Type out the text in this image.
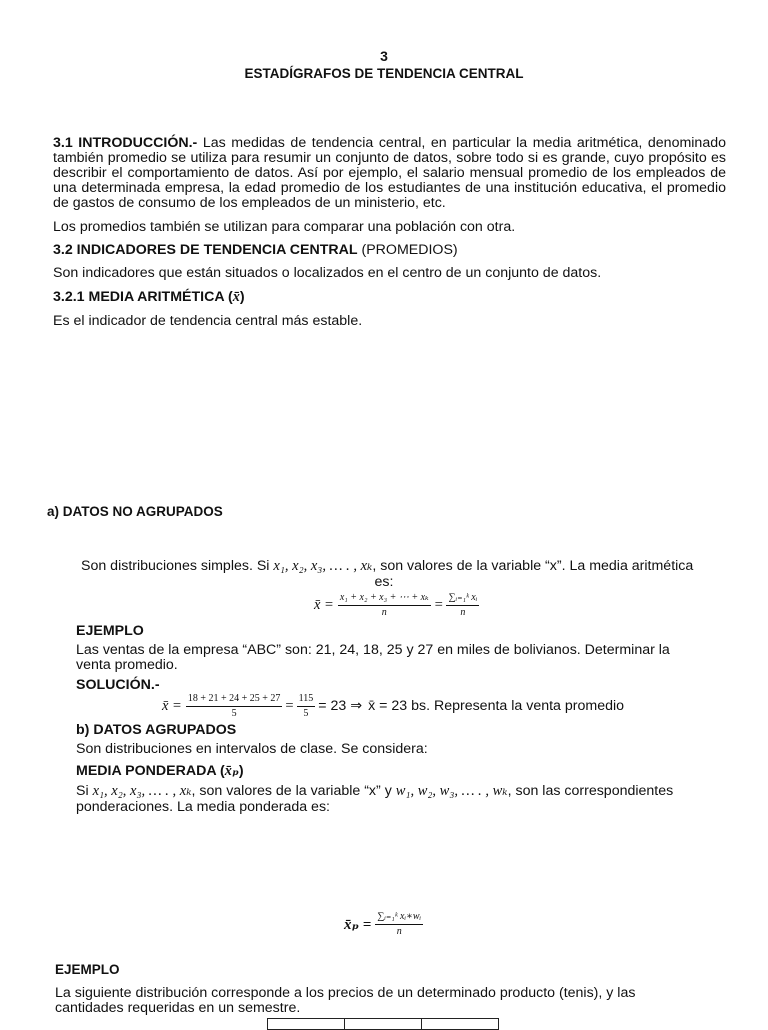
3
ESTADÍGRAFOS DE TENDENCIA CENTRAL
3.1 INTRODUCCIÓN.- Las medidas de tendencia central, en particular la media aritmética, denominado también promedio se utiliza para resumir un conjunto de datos, sobre todo si es grande, cuyo propósito es describir el comportamiento de datos. Así por ejemplo, el salario mensual promedio de los empleados de una determinada empresa, la edad promedio de los estudiantes de una institución educativa, el promedio de gastos de consumo de los empleados de un ministerio, etc.
Los promedios también se utilizan para comparar una población con otra.
3.2 INDICADORES DE TENDENCIA CENTRAL (PROMEDIOS)
Son indicadores que están situados o localizados en el centro de un conjunto de datos.
3.2.1 MEDIA ARITMÉTICA (x̄)
Es el indicador de tendencia central más estable.
a) DATOS NO AGRUPADOS
Son distribuciones simples. Si x₁, x₂, x₃, … . , xₖ, son valores de la variable “x”. La media aritmética
es:
x̄ = $\frac{\text{x₁ + x₂ + x₃ + ⋯ + xₖ}}{n} = \frac{\text{∑ᵢ₌₁ᵏ xᵢ}}{n}$
EJEMPLO
Las ventas de la empresa “ABC” son: 21, 24, 18, 25 y 27 en miles de bolivianos. Determinar la venta promedio.
SOLUCIÓN.-
x̄ = $\frac{18 + 21 + 24 + 25 + 27}{5} = \frac{115}{5} = 23$ ⇒ x̄ = 23 bs. Representa la venta promedio
b) DATOS AGRUPADOS
Son distribuciones en intervalos de clase. Se considera:
MEDIA PONDERADA (x̄ₚ)
Si x₁, x₂, x₃, … . , xₖ, son valores de la variable “x” y w₁, w₂, w₃, … . , wₖ, son las correspondientes
ponderaciones. La media ponderada es:
x̄ₚ = $\frac{\text{∑ᵢ₌₁ᵏ xᵢ∗wᵢ}}{n}$
EJEMPLO
La siguiente distribución corresponde a los precios de un determinado producto (tenis), y las cantidades requeridas en un semestre.
